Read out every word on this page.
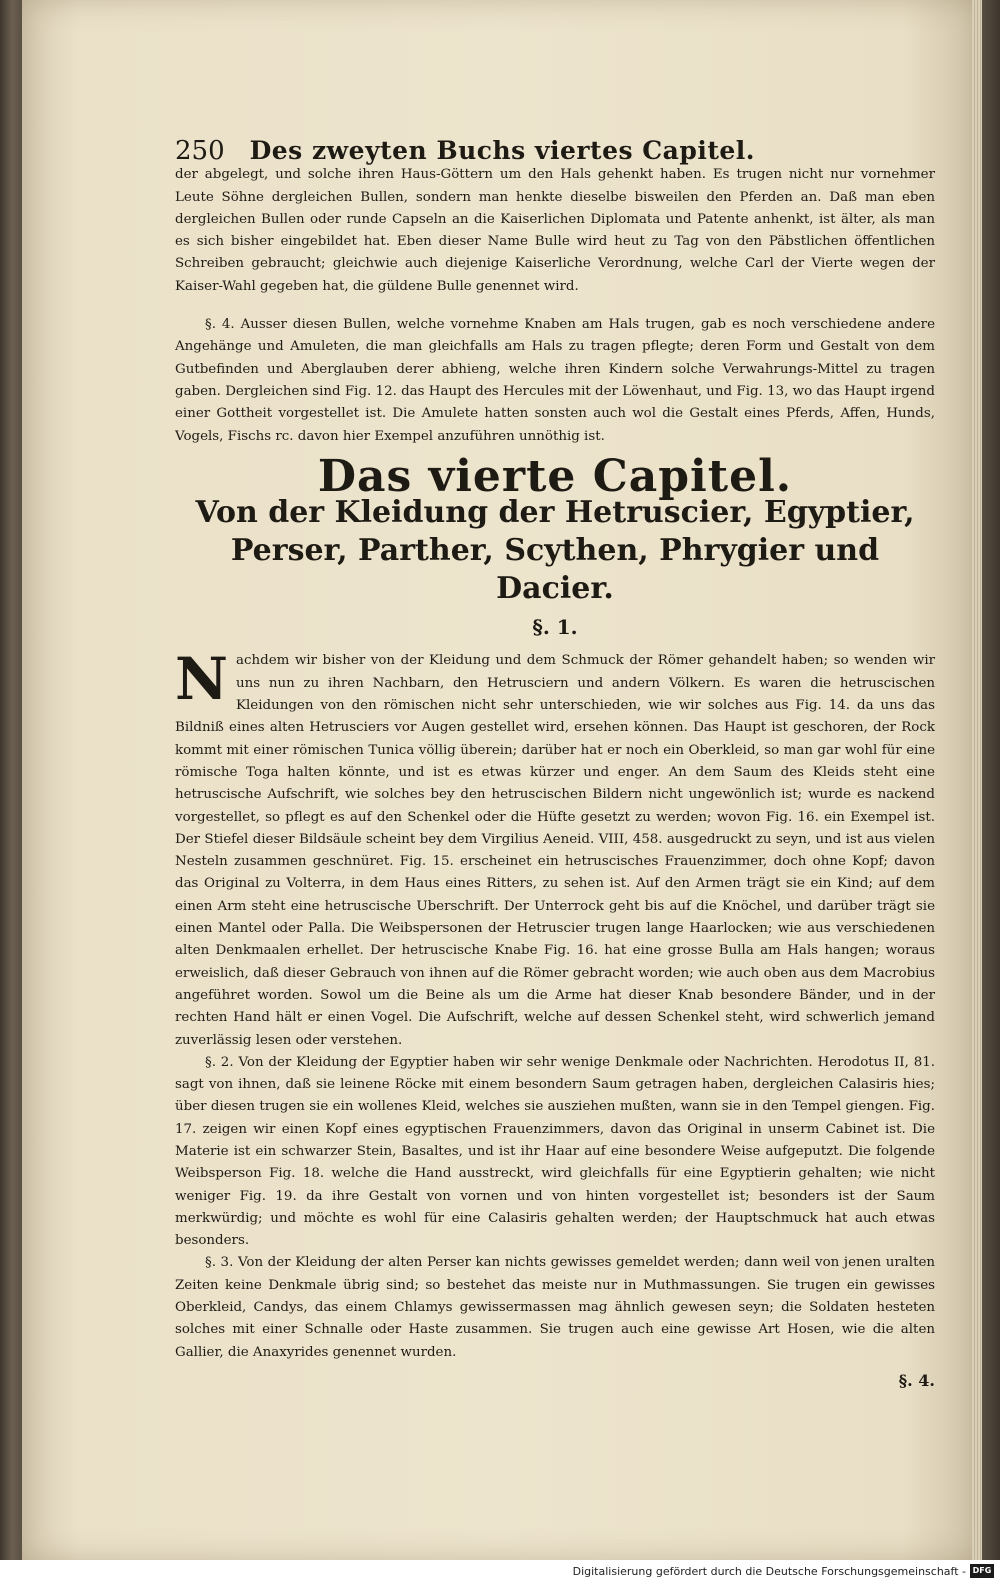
250 Des zweyten Buchs viertes Capitel.

der abgelegt, und solche ihren Haus-Göttern um den Hals gehenkt haben. Es trugen nicht nur vornehmer Leute Söhne dergleichen Bullen, sondern man henkte dieselbe bisweilen den Pferden an. Daß man eben dergleichen Bullen oder runde Capseln an die Kaiserlichen Diplomata und Patente anhenkt, ist älter, als man es sich bisher eingebildet hat. Eben dieser Name Bulle wird heut zu Tag von den Päbstlichen öffentlichen Schreiben gebraucht; gleichwie auch diejenige Kaiserliche Verordnung, welche Carl der Vierte wegen der Kaiser-Wahl gegeben hat, die güldene Bulle genennet wird.

§. 4. Ausser diesen Bullen, welche vornehme Knaben am Hals trugen, gab es noch verschiedene andere Angehänge und Amuleten, die man gleichfalls am Hals zu tragen pflegte; deren Form und Gestalt von dem Gutbefinden und Aberglauben derer abhieng, welche ihren Kindern solche Verwahrungs-Mittel zu tragen gaben. Dergleichen sind Fig. 12. das Haupt des Hercules mit der Löwenhaut, und Fig. 13, wo das Haupt irgend einer Gottheit vorgestellet ist. Die Amulete hatten sonsten auch wol die Gestalt eines Pferds, Affen, Hunds, Vogels, Fischs rc. davon hier Exempel anzuführen unnöthig ist.

Das vierte Capitel.
Von der Kleidung der Hetruscier, Egyptier, Perser, Parther, Scythen, Phrygier und Dacier.
§. 1.

Nachdem wir bisher von der Kleidung und dem Schmuck der Römer gehandelt haben; so wenden wir uns nun zu ihren Nachbarn, den Hetrusciern und andern Völkern. Es waren die hetruscischen Kleidungen von den römischen nicht sehr unterschieden, wie wir solches aus Fig. 14. da uns das Bildniß eines alten Hetrusciers vor Augen gestellet wird, ersehen können. Das Haupt ist geschoren, der Rock kommt mit einer römischen Tunica völlig überein; darüber hat er noch ein Oberkleid, so man gar wohl für eine römische Toga halten könnte, und ist es etwas kürzer und enger. An dem Saum des Kleids steht eine hetruscische Aufschrift, wie solches bey den hetruscischen Bildern nicht ungewönlich ist; wurde es nackend vorgestellet, so pflegt es auf den Schenkel oder die Hüfte gesetzt zu werden; wovon Fig. 16. ein Exempel ist. Der Stiefel dieser Bildsäule scheint bey dem Virgilius Aeneid. VIII, 458. ausgedruckt zu seyn, und ist aus vielen Nesteln zusammen geschnüret. Fig. 15. erscheinet ein hetruscisches Frauenzimmer, doch ohne Kopf; davon das Original zu Volterra, in dem Haus eines Ritters, zu sehen ist. Auf den Armen trägt sie ein Kind; auf dem einen Arm steht eine hetruscische Uberschrift. Der Unterrock geht bis auf die Knöchel, und darüber trägt sie einen Mantel oder Palla. Die Weibspersonen der Hetruscier trugen lange Haarlocken; wie aus verschiedenen alten Denkmaalen erhellet. Der hetruscische Knabe Fig. 16. hat eine grosse Bulla am Hals hangen; woraus erweislich, daß dieser Gebrauch von ihnen auf die Römer gebracht worden; wie auch oben aus dem Macrobius angeführet worden. Sowol um die Beine als um die Arme hat dieser Knab besondere Bänder, und in der rechten Hand hält er einen Vogel. Die Aufschrift, welche auf dessen Schenkel steht, wird schwerlich jemand zuverlässig lesen oder verstehen.

§. 2. Von der Kleidung der Egyptier haben wir sehr wenige Denkmale oder Nachrichten. Herodotus II, 81. sagt von ihnen, daß sie leinene Röcke mit einem besondern Saum getragen haben, dergleichen Calasiris hies; über diesen trugen sie ein wollenes Kleid, welches sie ausziehen mußten, wann sie in den Tempel giengen. Fig. 17. zeigen wir einen Kopf eines egyptischen Frauenzimmers, davon das Original in unserm Cabinet ist. Die Materie ist ein schwarzer Stein, Basaltes, und ist ihr Haar auf eine besondere Weise aufgeputzt. Die folgende Weibsperson Fig. 18. welche die Hand ausstreckt, wird gleichfalls für eine Egyptierin gehalten; wie nicht weniger Fig. 19. da ihre Gestalt von vornen und von hinten vorgestellet ist; besonders ist der Saum merkwürdig; und möchte es wohl für eine Calasiris gehalten werden; der Hauptschmuck hat auch etwas besonders.

§. 3. Von der Kleidung der alten Perser kan nichts gewisses gemeldet werden; dann weil von jenen uralten Zeiten keine Denkmale übrig sind; so bestehet das meiste nur in Muthmassungen. Sie trugen ein gewisses Oberkleid, Candys, das einem Chlamys gewissermassen mag ähnlich gewesen seyn; die Soldaten hesteten solches mit einer Schnalle oder Haste zusammen. Sie trugen auch eine gewisse Art Hosen, wie die alten Gallier, die Anaxyrides genennet wurden.

§. 4.
Digitalisierung gefördert durch die Deutsche Forschungsgemeinschaft - DFG
